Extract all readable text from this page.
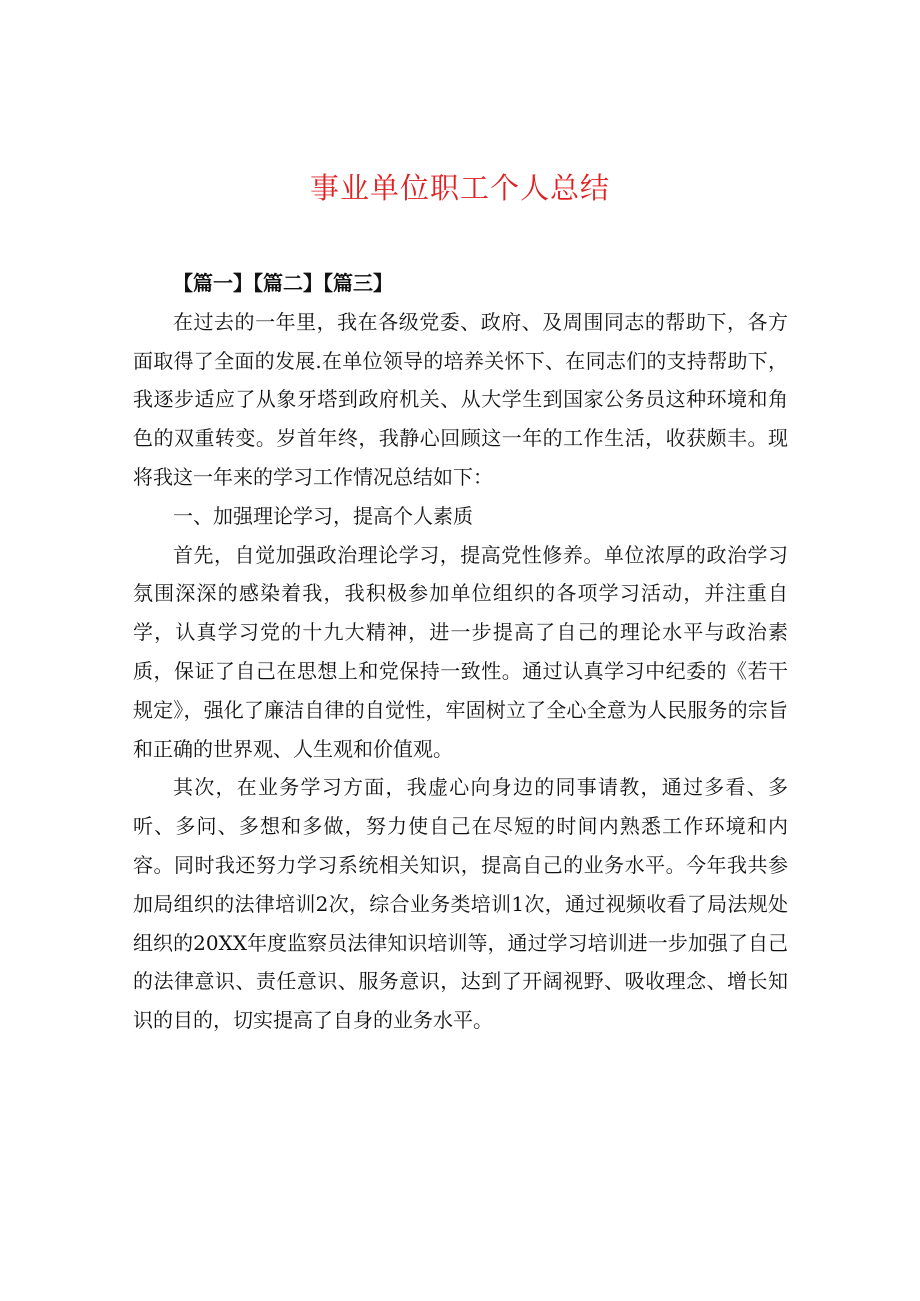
事业单位职工个人总结

【篇一】【篇二】【篇三】

在过去的一年里，我在各级党委、政府、及周围同志的帮助下，各方面取得了全面的发展.在单位领导的培养关怀下、在同志们的支持帮助下，我逐步适应了从象牙塔到政府机关、从大学生到国家公务员这种环境和角色的双重转变。岁首年终，我静心回顾这一年的工作生活，收获颇丰。现将我这一年来的学习工作情况总结如下：

一、加强理论学习，提高个人素质

首先，自觉加强政治理论学习，提高党性修养。单位浓厚的政治学习氛围深深的感染着我，我积极参加单位组织的各项学习活动，并注重自学，认真学习党的十九大精神，进一步提高了自己的理论水平与政治素质，保证了自己在思想上和党保持一致性。通过认真学习中纪委的《若干规定》，强化了廉洁自律的自觉性，牢固树立了全心全意为人民服务的宗旨和正确的世界观、人生观和价值观。

其次，在业务学习方面，我虚心向身边的同事请教，通过多看、多听、多问、多想和多做，努力使自己在尽短的时间内熟悉工作环境和内容。同时我还努力学习系统相关知识，提高自己的业务水平。今年我共参加局组织的法律培训2次，综合业务类培训1次，通过视频收看了局法规处组织的20XX年度监察员法律知识培训等，通过学习培训进一步加强了自己的法律意识、责任意识、服务意识，达到了开阔视野、吸收理念、增长知识的目的，切实提高了自身的业务水平。
